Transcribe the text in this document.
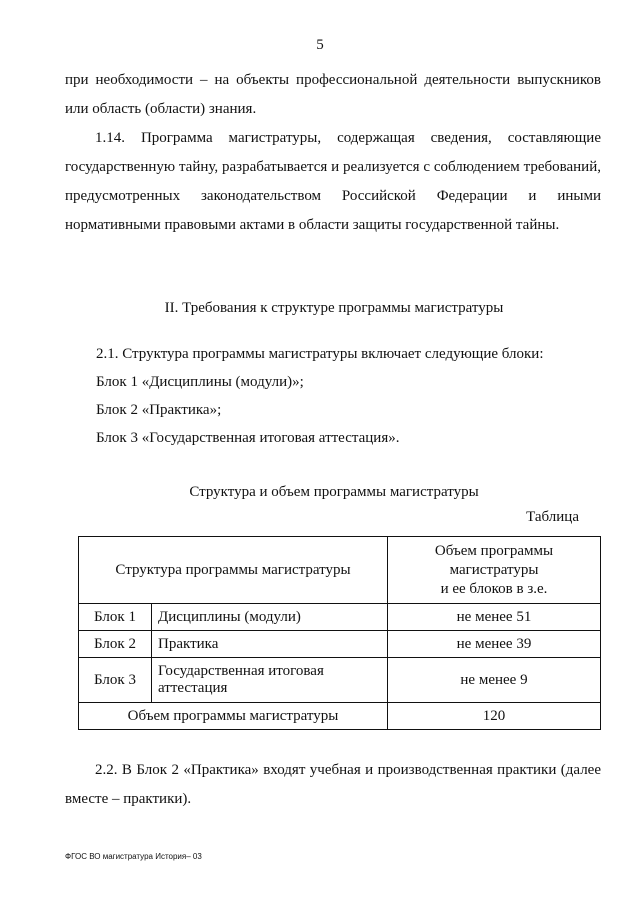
5
при необходимости – на объекты профессиональной деятельности выпускников или область (области) знания.
1.14. Программа магистратуры, содержащая сведения, составляющие государственную тайну, разрабатывается и реализуется с соблюдением требований, предусмотренных законодательством Российской Федерации и иными нормативными правовыми актами в области защиты государственной тайны.
II. Требования к структуре программы магистратуры
2.1. Структура программы магистратуры включает следующие блоки:
Блок 1 «Дисциплины (модули)»;
Блок 2 «Практика»;
Блок 3 «Государственная итоговая аттестация».
Структура и объем программы магистратуры
Таблица
Структура программы магистратуры		Объем программы
магистратуры
и ее блоков в з.е.
Блок 1	Дисциплины (модули)	не менее 51
Блок 2	Практика	не менее 39
Блок 3	Государственная итоговая аттестация	не менее 9
Объем программы магистратуры		120
2.2. В Блок 2 «Практика» входят учебная и производственная практики (далее вместе – практики).
ФГОС ВО магистратура История– 03
